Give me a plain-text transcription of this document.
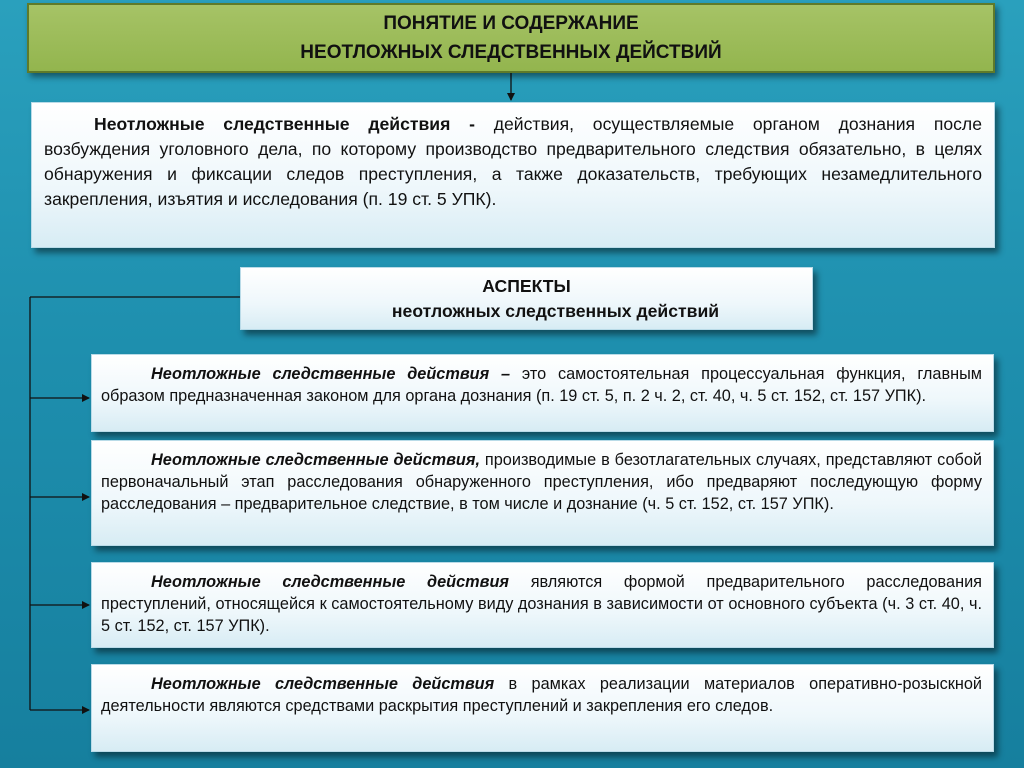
ПОНЯТИЕ И СОДЕРЖАНИЕ
НЕОТЛОЖНЫХ СЛЕДСТВЕННЫХ ДЕЙСТВИЙ
Неотложные следственные действия - действия, осуществляемые органом дознания после возбуждения уголовного дела, по которому производство предварительного следствия обязательно, в целях обнаружения и фиксации следов преступления, а также доказательств, требующих незамедлительного закрепления, изъятия и исследования (п. 19 ст. 5 УПК).
АСПЕКТЫ
неотложных следственных действий
Неотложные следственные действия – это самостоятельная процессуальная функция, главным образом предназначенная законом для органа дознания (п. 19 ст. 5, п. 2 ч. 2, ст. 40, ч. 5 ст. 152, ст. 157 УПК).
Неотложные следственные действия, производимые в безотлагательных случаях, представляют собой первоначальный этап расследования обнаруженного преступления, ибо предваряют последующую форму расследования – предварительное следствие, в том числе и дознание (ч. 5 ст. 152, ст. 157 УПК).
Неотложные следственные действия являются формой предварительного расследования преступлений, относящейся к самостоятельному виду дознания в зависимости от основного субъекта (ч. 3 ст. 40, ч. 5 ст. 152, ст. 157 УПК).
Неотложные следственные действия в рамках реализации материалов оперативно-розыскной деятельности являются средствами раскрытия преступлений и закрепления его следов.
